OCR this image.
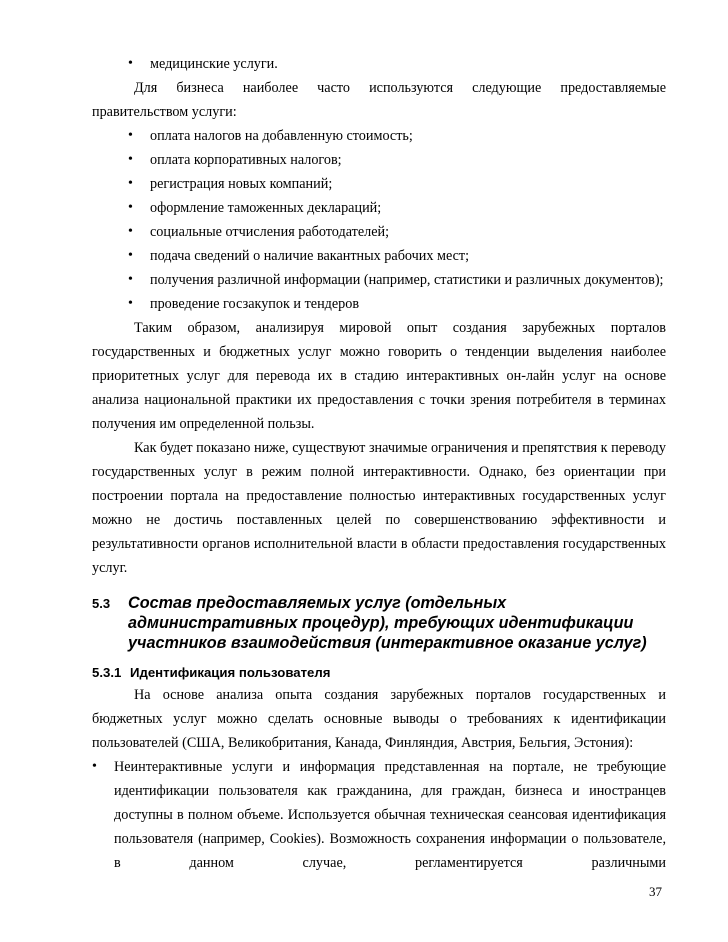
• медицинские услуги.

Для бизнеса наиболее часто используются следующие предоставляемые правительством услуги:

• оплата налогов на добавленную стоимость;
• оплата корпоративных налогов;
• регистрация новых компаний;
• оформление таможенных деклараций;
• социальные отчисления работодателей;
• подача сведений о наличие вакантных рабочих мест;
• получения различной информации (например, статистики и различных документов);
• проведение госзакупок и тендеров

Таким образом, анализируя мировой опыт создания зарубежных порталов государственных и бюджетных услуг можно говорить о тенденции выделения наиболее приоритетных услуг для перевода их в стадию интерактивных он-лайн услуг на основе анализа национальной практики их предоставления с точки зрения потребителя в терминах получения им определенной пользы.

Как будет показано ниже, существуют значимые ограничения и препятствия к переводу государственных услуг в режим полной интерактивности. Однако, без ориентации при построении портала на предоставление полностью интерактивных государственных услуг можно не достичь поставленных целей по совершенствованию эффективности и результативности органов исполнительной власти в области предоставления государственных услуг.

5.3 Состав предоставляемых услуг (отдельных административных процедур), требующих идентификации участников взаимодействия (интерактивное оказание услуг)
5.3.1 Идентификация пользователя

На основе анализа опыта создания зарубежных порталов государственных и бюджетных услуг можно сделать основные выводы о требованиях к идентификации пользователей (США, Великобритания, Канада, Финляндия, Австрия, Бельгия, Эстония):

• Неинтерактивные услуги и информация представленная на портале, не требующие идентификации пользователя как гражданина, для граждан, бизнеса и иностранцев доступны в полном объеме. Используется обычная техническая сеансовая идентификация пользователя (например, Cookies). Возможность сохранения информации о пользователе, в данном случае, регламентируется различными
37
